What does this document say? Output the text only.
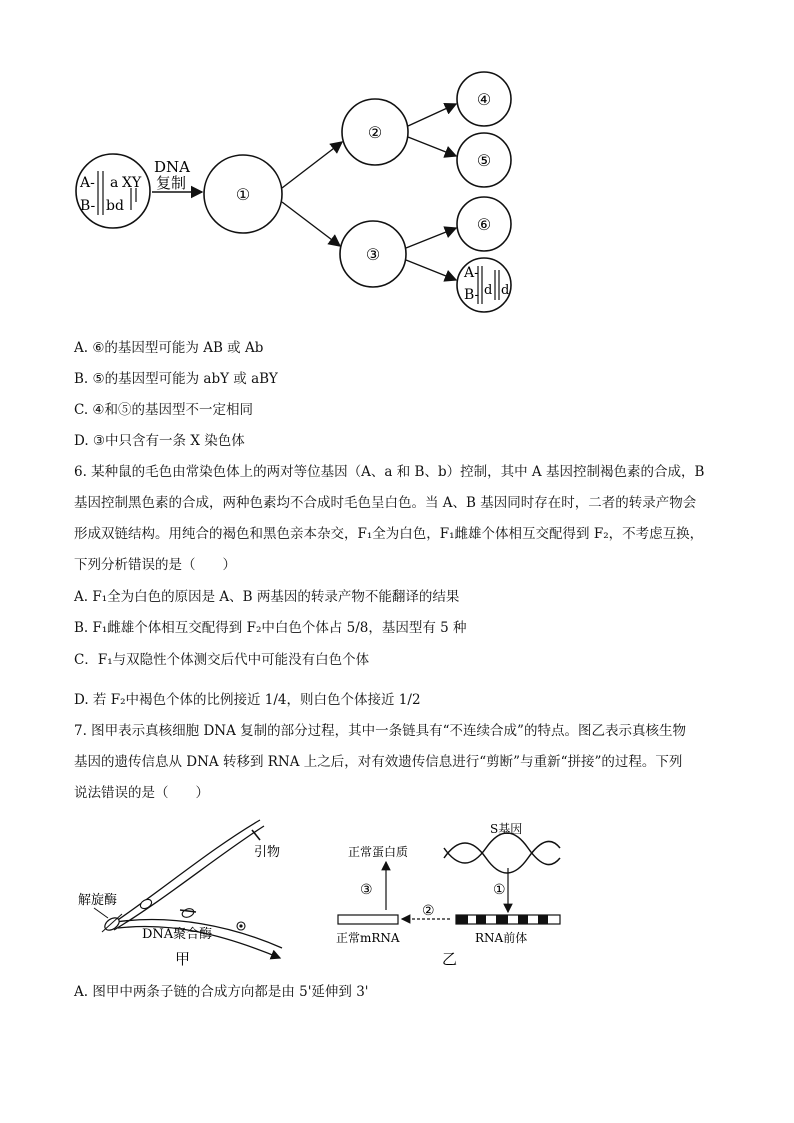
A- a XY
B- bd
DNA
复制
①
②
③
④
⑤
⑥
A-
B- d d
A. ⑥的基因型可能为 AB 或 Ab
B. ⑤的基因型可能为 abY 或 aBY
C. ④和⑤的基因型不一定相同
D. ③中只含有一条 X 染色体

6. 某种鼠的毛色由常染色体上的两对等位基因（A、a 和 B、b）控制，其中 A 基因控制褐色素的合成，B

基因控制黑色素的合成，两种色素均不合成时毛色呈白色。当 A、B 基因同时存在时，二者的转录产物会

形成双链结构。用纯合的褐色和黑色亲本杂交，F₁全为白色，F₁雌雄个体相互交配得到 F₂，不考虑互换，

下列分析错误的是（　　）

A. F₁全为白色的原因是 A、B 两基因的转录产物不能翻译的结果
B. F₁雌雄个体相互交配得到 F₂中白色个体占 5/8，基因型有 5 种
C．F₁与双隐性个体测交后代中可能没有白色个体
D. 若 F₂中褐色个体的比例接近 1/4，则白色个体接近 1/2

7. 图甲表示真核细胞 DNA 复制的部分过程，其中一条链具有“不连续合成”的特点。图乙表示真核生物

基因的遗传信息从 DNA 转移到 RNA 上之后，对有效遗传信息进行“剪断”与重新“拼接”的过程。下列

说法错误的是（　　）

引物
解旋酶
DNA聚合酶
甲
S基因
①
RNA前体
②
正常mRNA
③
正常蛋白质
乙
A. 图甲中两条子链的合成方向都是由 5'延伸到 3'
